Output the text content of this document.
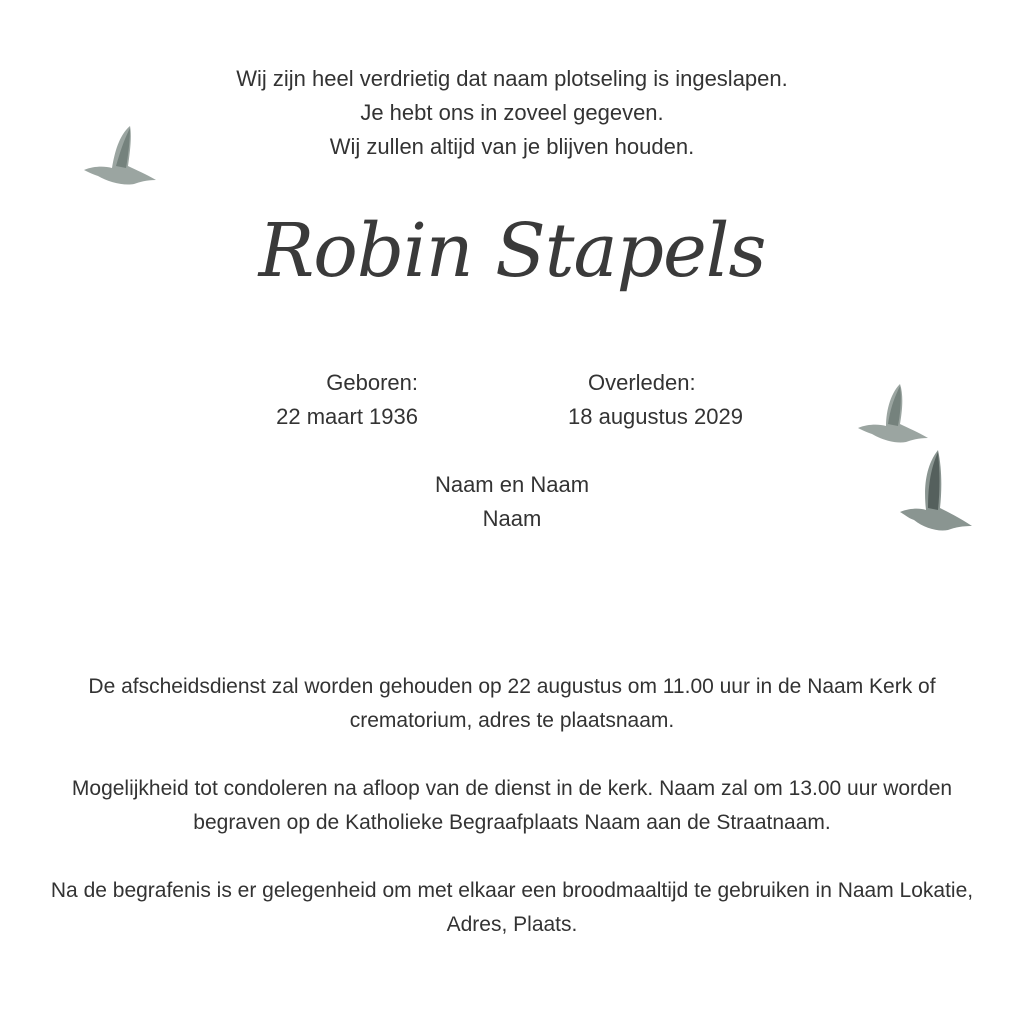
Wij zijn heel verdrietig dat naam plotseling is ingeslapen.
Je hebt ons in zoveel gegeven.
Wij zullen altijd van je blijven houden.
Robin Stapels
Geboren:
22 maart 1936
Overleden:
18 augustus 2029
Naam en Naam
Naam

De afscheidsdienst zal worden gehouden op 22 augustus om 11.00 uur in de Naam Kerk of crematorium, adres te plaatsnaam.

Mogelijkheid tot condoleren na afloop van de dienst in de kerk. Naam zal om 13.00 uur worden begraven op de Katholieke Begraafplaats Naam aan de Straatnaam.

Na de begrafenis is er gelegenheid om met elkaar een broodmaaltijd te gebruiken in Naam Lokatie, Adres, Plaats.
